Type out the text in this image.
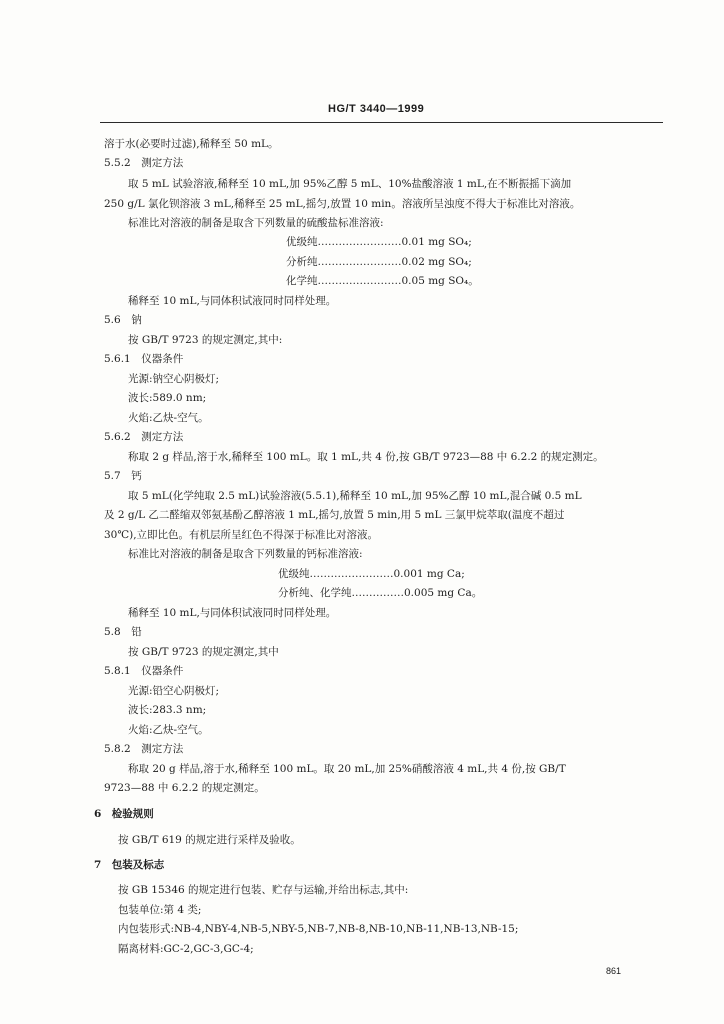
HG/T 3440—1999
溶于水(必要时过滤),稀释至 50 mL。
5.5.2　测定方法
取 5 mL 试验溶液,稀释至 10 mL,加 95%乙醇 5 mL、10%盐酸溶液 1 mL,在不断振摇下滴加
250 g/L 氯化钡溶液 3 mL,稀释至 25 mL,摇匀,放置 10 min。溶液所呈浊度不得大于标准比对溶液。
标准比对溶液的制备是取含下列数量的硫酸盐标准溶液:
优级纯……………………0.01 mg SO₄;
分析纯……………………0.02 mg SO₄;
化学纯……………………0.05 mg SO₄。
稀释至 10 mL,与同体积试液同时同样处理。
5.6　钠
按 GB/T 9723 的规定测定,其中:
5.6.1　仪器条件
光源:钠空心阴极灯;
波长:589.0 nm;
火焰:乙炔-空气。
5.6.2　测定方法
称取 2 g 样品,溶于水,稀释至 100 mL。取 1 mL,共 4 份,按 GB/T 9723—88 中 6.2.2 的规定测定。
5.7　钙
取 5 mL(化学纯取 2.5 mL)试验溶液(5.5.1),稀释至 10 mL,加 95%乙醇 10 mL,混合碱 0.5 mL
及 2 g/L 乙二醛缩双邻氨基酚乙醇溶液 1 mL,摇匀,放置 5 min,用 5 mL 三氯甲烷萃取(温度不超过
30℃),立即比色。有机层所呈红色不得深于标准比对溶液。
标准比对溶液的制备是取含下列数量的钙标准溶液:
优级纯……………………0.001 mg Ca;
分析纯、化学纯……………0.005 mg Ca。
稀释至 10 mL,与同体积试液同时同样处理。
5.8　铅
按 GB/T 9723 的规定测定,其中
5.8.1　仪器条件
光源:铅空心阴极灯;
波长:283.3 nm;
火焰:乙炔-空气。
5.8.2　测定方法
称取 20 g 样品,溶于水,稀释至 100 mL。取 20 mL,加 25%硝酸溶液 4 mL,共 4 份,按 GB/T
9723—88 中 6.2.2 的规定测定。
6　检验规则
按 GB/T 619 的规定进行采样及验收。
7　包装及标志
按 GB 15346 的规定进行包装、贮存与运输,并给出标志,其中:
包装单位:第 4 类;
内包装形式:NB-4,NBY-4,NB-5,NBY-5,NB-7,NB-8,NB-10,NB-11,NB-13,NB-15;
隔离材料:GC-2,GC-3,GC-4;
861
